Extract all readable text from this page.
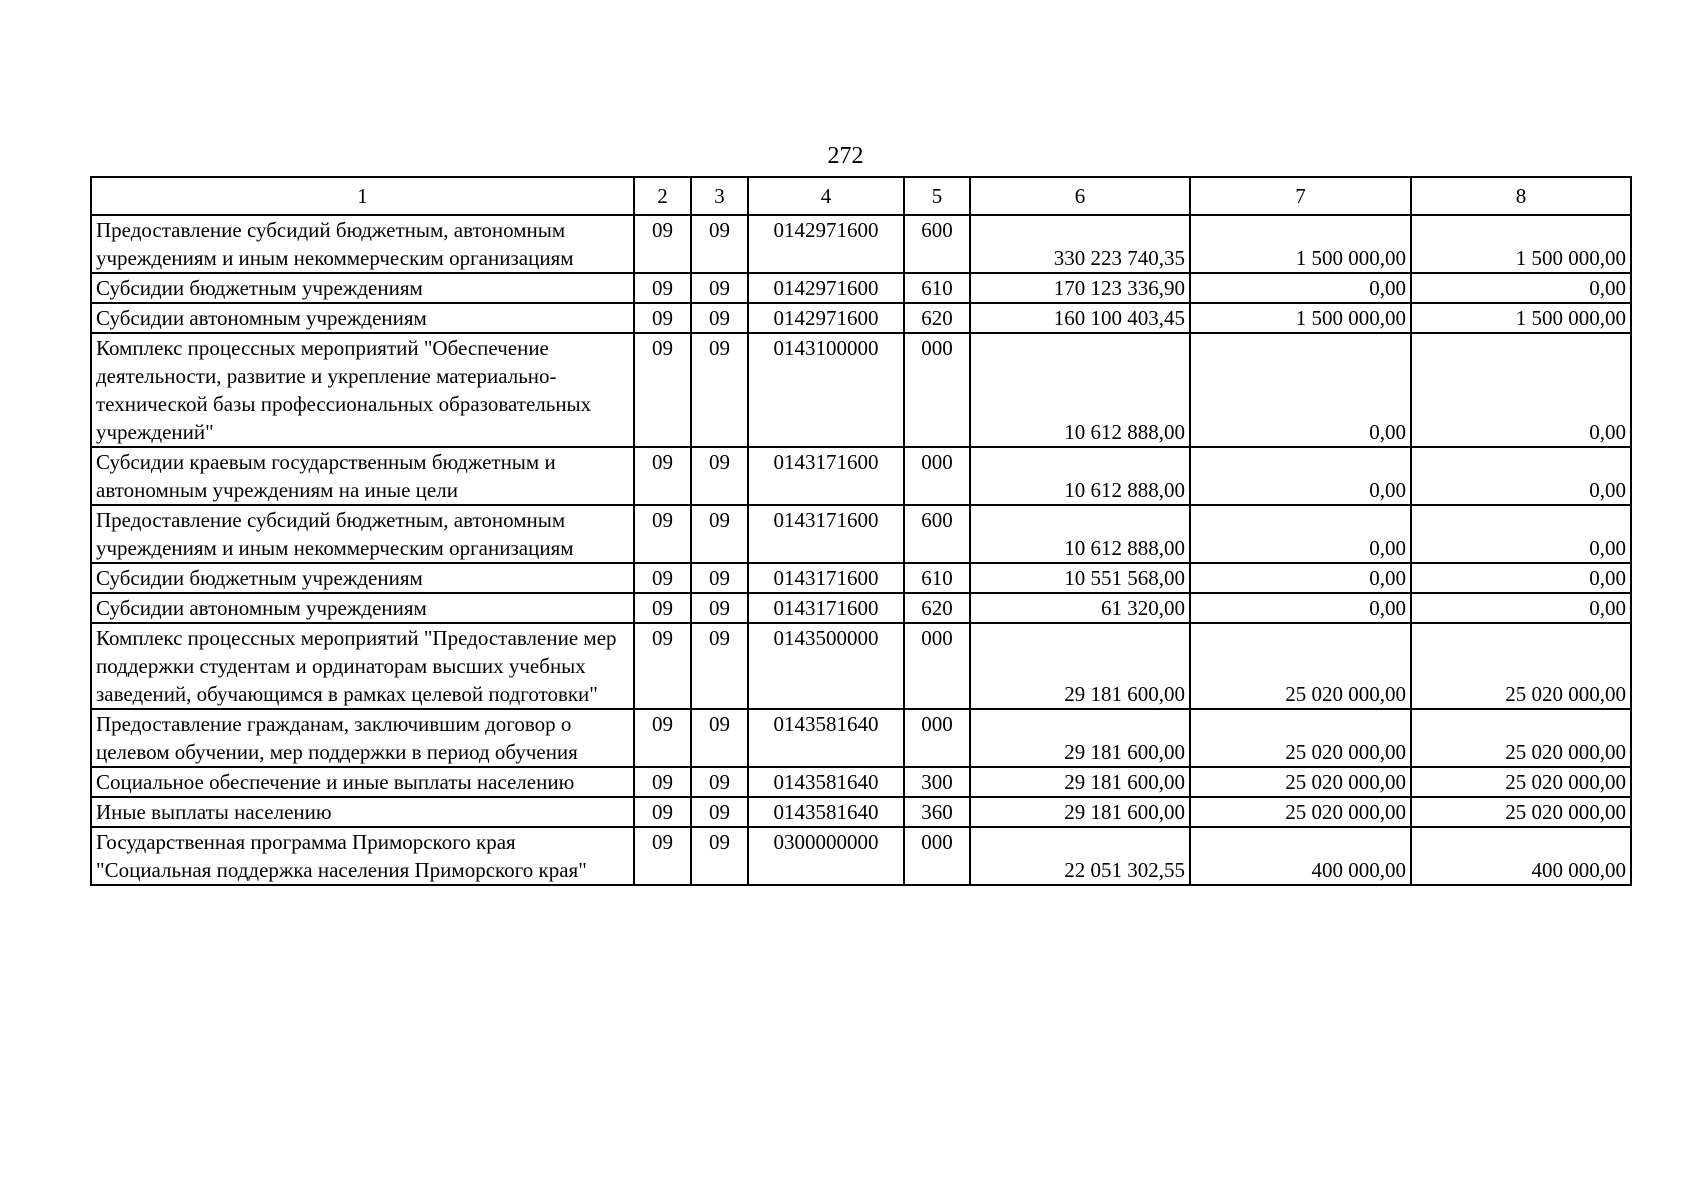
272
1	2	3	4	5	6	7	8
Предоставление субсидий бюджетным, автономным учреждениям и иным некоммерческим организациям	09	09	0142971600	600	330 223 740,35	1 500 000,00	1 500 000,00
Субсидии бюджетным учреждениям	09	09	0142971600	610	170 123 336,90	0,00	0,00
Субсидии автономным учреждениям	09	09	0142971600	620	160 100 403,45	1 500 000,00	1 500 000,00
Комплекс процессных мероприятий "Обеспечение деятельности, развитие и укрепление материально-технической базы профессиональных образовательных учреждений"	09	09	0143100000	000	10 612 888,00	0,00	0,00
Субсидии краевым государственным бюджетным и автономным учреждениям на иные цели	09	09	0143171600	000	10 612 888,00	0,00	0,00
Предоставление субсидий бюджетным, автономным учреждениям и иным некоммерческим организациям	09	09	0143171600	600	10 612 888,00	0,00	0,00
Субсидии бюджетным учреждениям	09	09	0143171600	610	10 551 568,00	0,00	0,00
Субсидии автономным учреждениям	09	09	0143171600	620	61 320,00	0,00	0,00
Комплекс процессных мероприятий "Предоставление мер поддержки студентам и ординаторам высших учебных заведений, обучающимся в рамках целевой подготовки"	09	09	0143500000	000	29 181 600,00	25 020 000,00	25 020 000,00
Предоставление гражданам, заключившим договор о целевом обучении, мер поддержки в период обучения	09	09	0143581640	000	29 181 600,00	25 020 000,00	25 020 000,00
Социальное обеспечение и иные выплаты населению	09	09	0143581640	300	29 181 600,00	25 020 000,00	25 020 000,00
Иные выплаты населению	09	09	0143581640	360	29 181 600,00	25 020 000,00	25 020 000,00
Государственная программа Приморского края "Социальная поддержка населения Приморского края"	09	09	0300000000	000	22 051 302,55	400 000,00	400 000,00
